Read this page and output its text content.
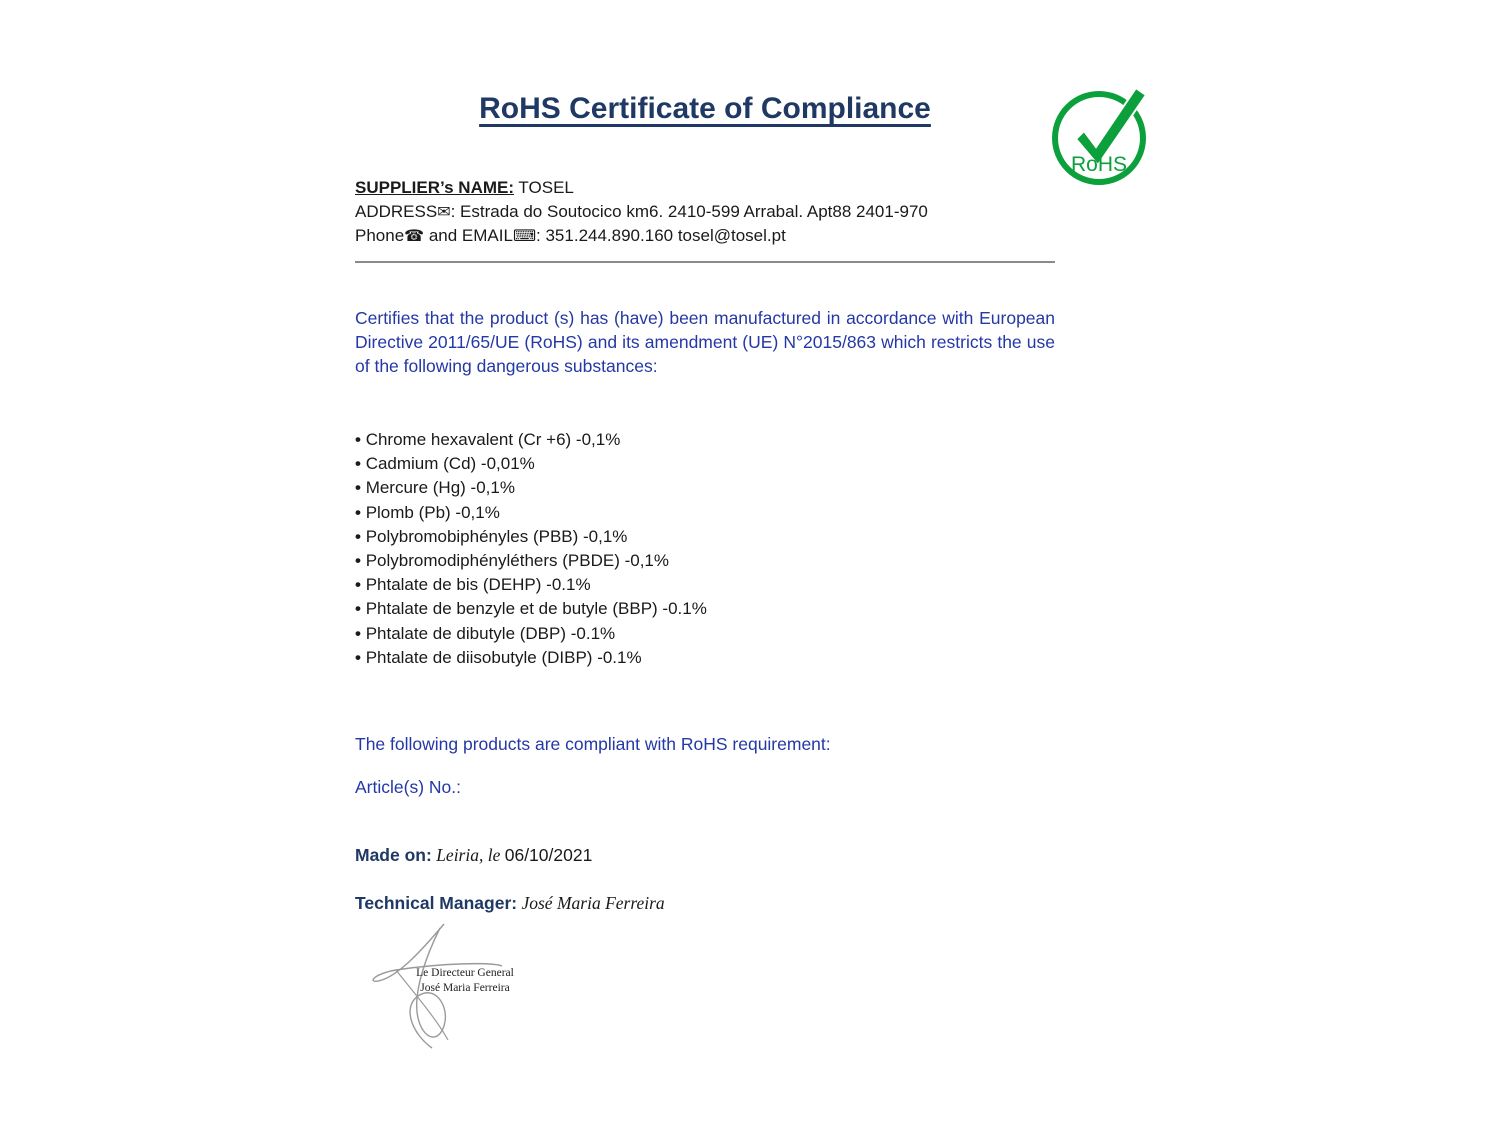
RoHS Certificate of Compliance
RoHS
SUPPLIER’s NAME: TOSEL
ADDRESS✉: Estrada do Soutocico km6. 2410-599 Arrabal. Apt88 2401-970
Phone☎ and EMAIL⌨: 351.244.890.160 tosel@tosel.pt

Certifies that the product (s) has (have) been manufactured in accordance with European Directive 2011/65/UE (RoHS) and its amendment (UE) N°2015/863 which restricts the use of the following dangerous substances:

• Chrome hexavalent (Cr +6) -0,1%
• Cadmium (Cd) -0,01%
• Mercure (Hg) -0,1%
• Plomb (Pb) -0,1%
• Polybromobiphényles (PBB) -0,1%
• Polybromodiphényléthers (PBDE) -0,1%
• Phtalate de bis (DEHP) -0.1%
• Phtalate de benzyle et de butyle (BBP) -0.1%
• Phtalate de dibutyle (DBP) -0.1%
• Phtalate de diisobutyle (DIBP) -0.1%

The following products are compliant with RoHS requirement:

Article(s) No.:

Made on: Leiria, le 06/10/2021

Technical Manager: José Maria Ferreira

Le Directeur General
José Maria Ferreira
